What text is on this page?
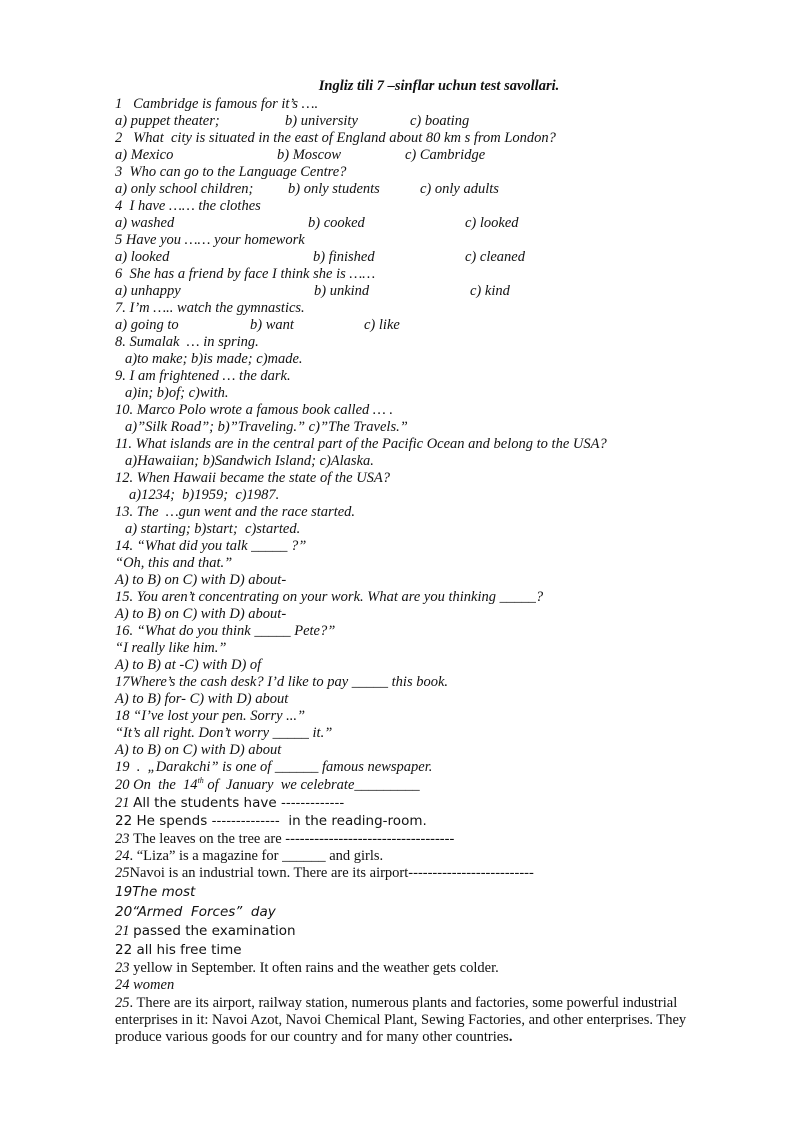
Ingliz tili 7 –sinflar uchun test savollari.
1   Cambridge is famous for it’s ….
a) puppet theater;	b) university	c) boating
2   What  city is situated in the east of England about 80 km s from London?
a) Mexico	b) Moscow	c) Cambridge
3  Who can go to the Language Centre?
a) only school children; b) only students	c) only adults
4  I have …… the clothes
a) washed	b) cooked	c) looked
5 Have you …… your homework
a) looked	b) finished	c) cleaned
6  She has a friend by face I think she is ……
a) unhappy	b) unkind	c) kind
7. I’m ….. watch the gymnastics.
a) going to	b) want	c) like
8. Sumalak  … in spring.
a)to make; b)is made; c)made.
9. I am frightened … the dark.
a)in; b)of; c)with.
10. Marco Polo wrote a famous book called … .
a)”Silk Road”; b)”Traveling.” c)”The Travels.”
11. What islands are in the central part of the Pacific Ocean and belong to the USA?
a)Hawaiian; b)Sandwich Island; c)Alaska.
12. When Hawaii became the state of the USA?
a)1234;  b)1959;  c)1987.
13. The  …gun went and the race started.
a) starting; b)start;  c)started.
14. “What did you talk _____ ?”
“Oh, this and that.”
A) to B) on C) with D) about-
15. You aren’t concentrating on your work. What are you thinking _____?
A) to B) on C) with D) about-
16. “What do you think _____ Pete?”
“I really like him.”
A) to B) at -C) with D) of
17Where’s the cash desk? I’d like to pay _____ this book.
A) to B) for- C) with D) about
18 “I’ve lost your pen. Sorry ...”
“It’s all right. Don’t worry _____ it.”
A) to B) on C) with D) about
19  .  „Darakchi” is one of ______ famous newspaper.
20 On  the  14th of  January  we celebrate_________
21 All the students have -------------
22 He spends --------------  in the reading-room.
23 The leaves on the tree are -----------------------------------
24. “Liza” is a magazine for ______ and girls.
25Navoi is an industrial town. There are its airport--------------------------
19The most
20“Armed  Forces”  day
21 passed the examination
22 all his free time
23 yellow in September. It often rains and the weather gets colder.
24 women
25. There are its airport, railway station, numerous plants and factories, some powerful industrial enterprises in it: Navoi Azot, Navoi Chemical Plant, Sewing Factories, and other enterprises. They produce various goods for our country and for many other countries.
